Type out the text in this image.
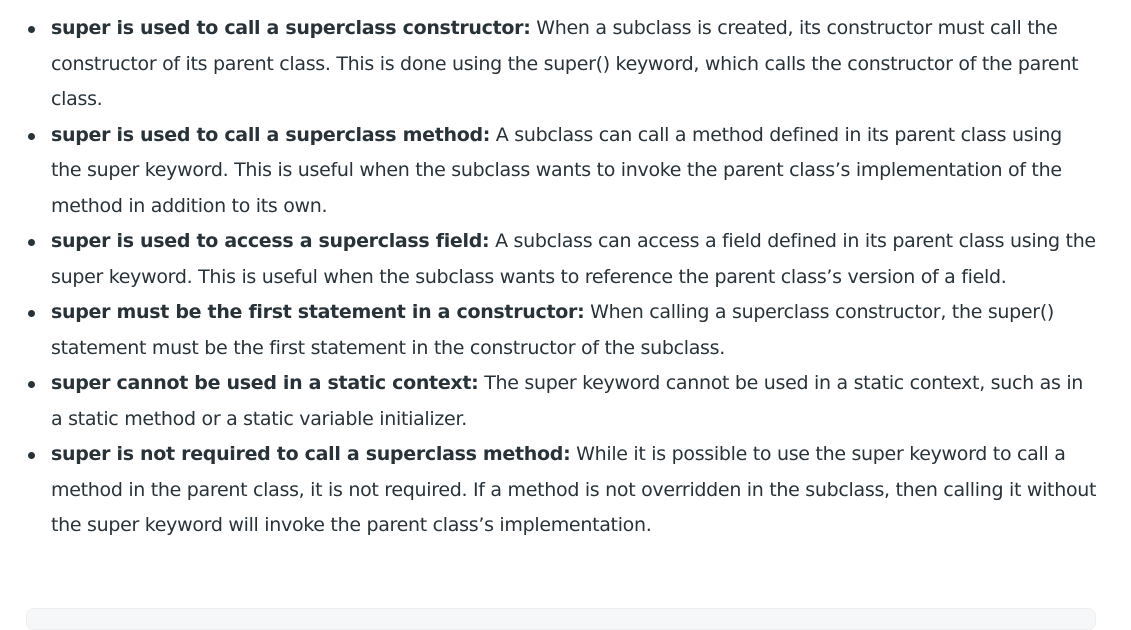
super is used to call a superclass constructor: When a subclass is created, its constructor must call the constructor of its parent class. This is done using the super() keyword, which calls the constructor of the parent class.
super is used to call a superclass method: A subclass can call a method defined in its parent class using the super keyword. This is useful when the subclass wants to invoke the parent class’s implementation of the method in addition to its own.
super is used to access a superclass field: A subclass can access a field defined in its parent class using the super keyword. This is useful when the subclass wants to reference the parent class’s version of a field.
super must be the first statement in a constructor: When calling a superclass constructor, the super() statement must be the first statement in the constructor of the subclass.
super cannot be used in a static context: The super keyword cannot be used in a static context, such as in a static method or a static variable initializer.
super is not required to call a superclass method: While it is possible to use the super keyword to call a method in the parent class, it is not required. If a method is not overridden in the subclass, then calling it without the super keyword will invoke the parent class’s implementation.
